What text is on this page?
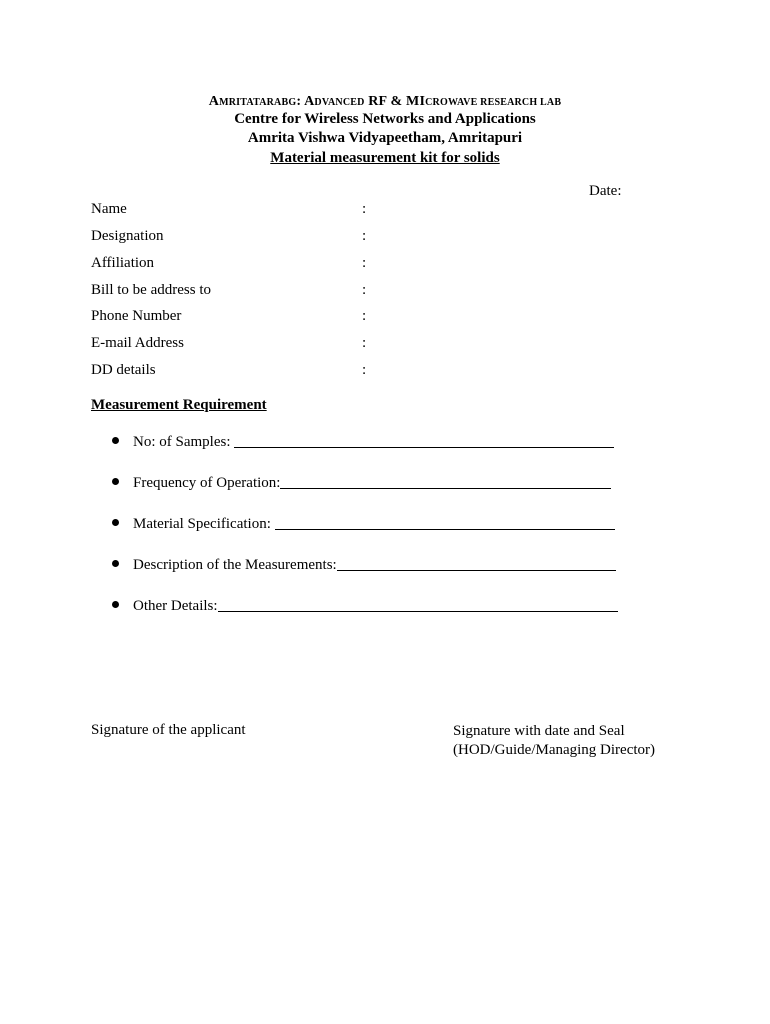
AMRITATARABG: ADVANCED RF & MICROWAVE RESEARCH LAB
Centre for Wireless Networks and Applications
Amrita Vishwa Vidyapeetham, Amritapuri
Material measurement kit for solids
Date:
Name	:
Designation	:
Affiliation	:
Bill to be address to	:
Phone Number	:
E-mail Address	:
DD details	:
Measurement Requirement
No: of Samples:
Frequency of Operation:
Material Specification:
Description of the Measurements:
Other Details:
Signature of the applicant	Signature with date and Seal
(HOD/Guide/Managing Director)
